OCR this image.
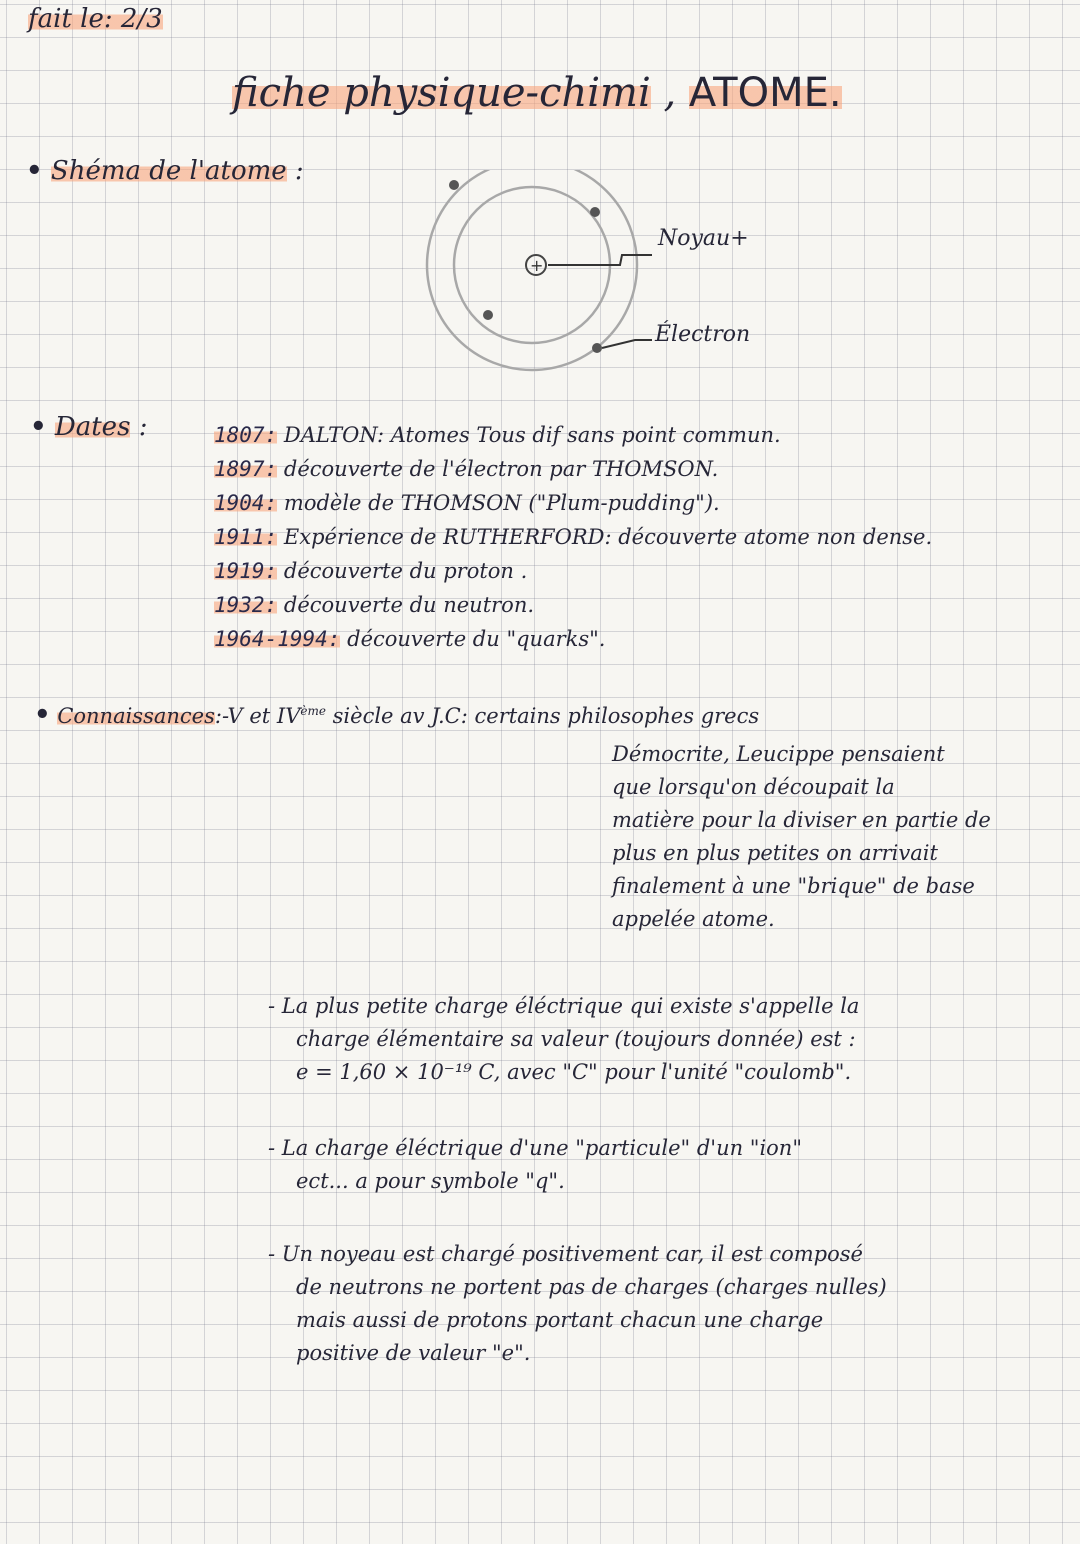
fait le: 2/3
fiche physique-chimi , ATOME.
• Shéma de l'atome :
+
Noyau+
Électron
• Dates :	1807: DALTON: Atomes Tous dif sans point commun.
1897: découverte de l'électron par THOMSON.
1904: modèle de THOMSON ("Plum-pudding").
1911: Expérience de RUTHERFORD: découverte atome non dense.
1919: découverte du proton .
1932: découverte du neutron.
1964-1994: découverte du "quarks".
• Connaissances:-V et IVème siècle av J.C: certains philosophes grecs
Démocrite, Leucippe pensaient
que lorsqu'on découpait la
matière pour la diviser en partie de
plus en plus petites on arrivait
finalement à une "brique" de base
appelée atome.
- La plus petite charge éléctrique qui existe s'appelle la
charge élémentaire sa valeur (toujours donnée) est :
e = 1,60 × 10⁻¹⁹ C, avec "C" pour l'unité "coulomb".
- La charge éléctrique d'une "particule" d'un "ion"
ect... a pour symbole "q".
- Un noyeau est chargé positivement car, il est composé
de neutrons ne portent pas de charges (charges nulles)
mais aussi de protons portant chacun une charge
positive de valeur "e".
